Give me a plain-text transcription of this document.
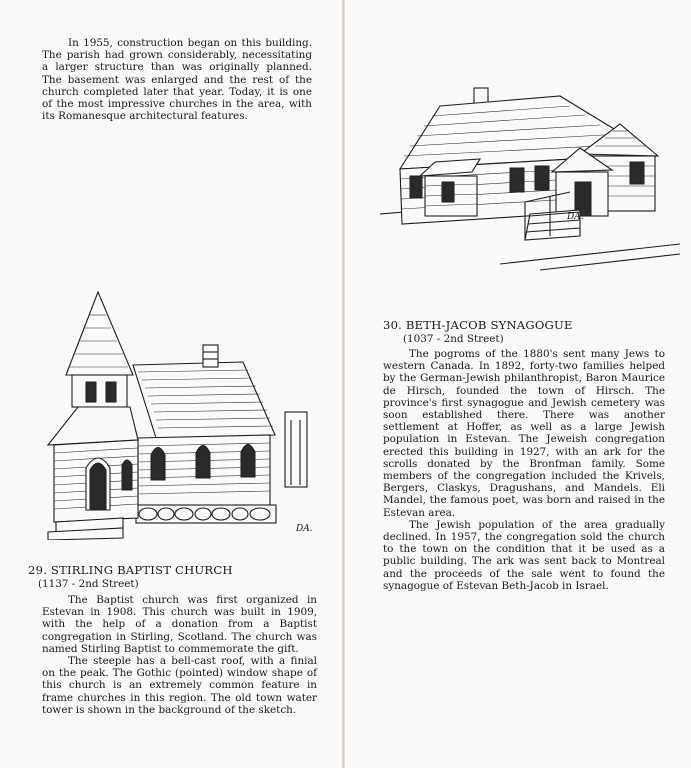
In 1955, construction began on this building. The parish had grown considerably, necessitating a larger structure than was originally planned. The basement was enlarged and the rest of the church completed later that year. Today, it is one of the most impressive churches in the area, with its Romanesque architectural features.

DA.
29. STIRLING BAPTIST CHURCH
(1137 - 2nd Street)

The Baptist church was first organized in Estevan in 1908. This church was built in 1909, with the help of a donation from a Baptist congregation in Stirling, Scotland. The church was named Stirling Baptist to commemorate the gift.

The steeple has a bell-cast roof, with a finial on the peak. The Gothic (pointed) window shape of this church is an extremely common feature in frame churches in this region. The old town water tower is shown in the background of the sketch.

DA.
30. BETH-JACOB SYNAGOGUE
(1037 - 2nd Street)

The pogroms of the 1880's sent many Jews to western Canada. In 1892, forty-two families helped by the German-Jewish philanthropist, Baron Maurice de Hirsch, founded the town of Hirsch. The province's first synagogue and Jewish cemetery was soon established there. There was another settlement at Hoffer, as well as a large Jewish population in Estevan. The Jeweish congregation erected this building in 1927, with an ark for the scrolls donated by the Bronfman family. Some members of the congregation included the Krivels, Bergers, Claskys, Dragushans, and Mandels. Eli Mandel, the famous poet, was born and raised in the Estevan area.

The Jewish population of the area gradually declined. In 1957, the congregation sold the church to the town on the condition that it be used as a public building. The ark was sent back to Montreal and the proceeds of the sale went to found the synagogue of Estevan Beth-Jacob in Israel.
